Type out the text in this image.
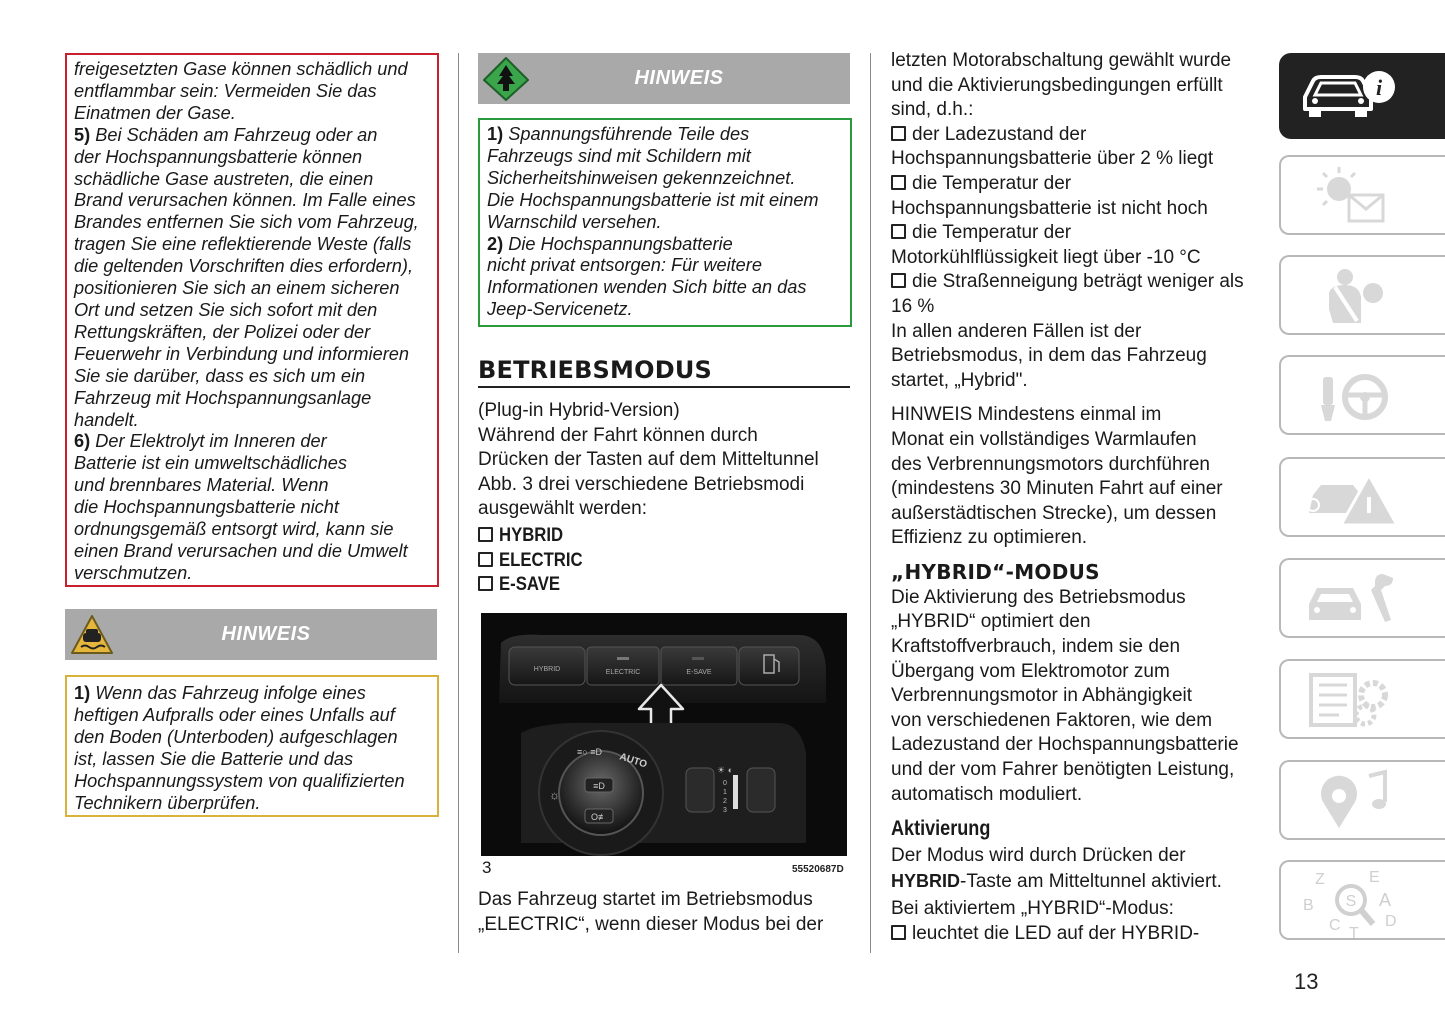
freigesetzten Gase können schädlich und
entflammbar sein: Vermeiden Sie das
Einatmen der Gase.
5) Bei Schäden am Fahrzeug oder an
der Hochspannungsbatterie können
schädliche Gase austreten, die einen
Brand verursachen können. Im Falle eines
Brandes entfernen Sie sich vom Fahrzeug,
tragen Sie eine reflektierende Weste (falls
die geltenden Vorschriften dies erfordern),
positionieren Sie sich an einem sicheren
Ort und setzen Sie sich sofort mit den
Rettungskräften, der Polizei oder der
Feuerwehr in Verbindung und informieren
Sie sie darüber, dass es sich um ein
Fahrzeug mit Hochspannungsanlage
handelt.
6) Der Elektrolyt im Inneren der
Batterie ist ein umweltschädliches
und brennbares Material. Wenn
die Hochspannungsbatterie nicht
ordnungsgemäß entsorgt wird, kann sie
einen Brand verursachen und die Umwelt
verschmutzen.
HINWEIS
1) Wenn das Fahrzeug infolge eines
heftigen Aufpralls oder eines Unfalls auf
den Boden (Unterboden) aufgeschlagen
ist, lassen Sie die Batterie und das
Hochspannungssystem von qualifizierten
Technikern überprüfen.
HINWEIS
1) Spannungsführende Teile des
Fahrzeugs sind mit Schildern mit
Sicherheitshinweisen gekennzeichnet.
Die Hochspannungsbatterie ist mit einem
Warnschild versehen.
2) Die Hochspannungsbatterie
nicht privat entsorgen: Für weitere
Informationen wenden Sich bitte an das
Jeep-Servicenetz.
BETRIEBSMODUS
(Plug-in Hybrid-Version)
Während der Fahrt können durch
Drücken der Tasten auf dem Mitteltunnel
Abb. 3 drei verschiedene Betriebsmodi
ausgewählt werden:
HYBRID
ELECTRIC
E-SAVE
HYBRID	ELECTRIC	E-SAVE
≡D
O≢
☼
AUTO
≡○ ≡D
0
1
2
3
☀ ◐
3	55520687D
Das Fahrzeug startet im Betriebsmodus
„ELECTRIC“, wenn dieser Modus bei der
letzten Motorabschaltung gewählt wurde
und die Aktivierungsbedingungen erfüllt
sind, d.h.:
der Ladezustand der
Hochspannungsbatterie über 2 % liegt
die Temperatur der
Hochspannungsbatterie ist nicht hoch
die Temperatur der
Motorkühlflüssigkeit liegt über -10 °C
die Straßenneigung beträgt weniger als
16 %
In allen anderen Fällen ist der
Betriebsmodus, in dem das Fahrzeug
startet, „Hybrid".
HINWEIS Mindestens einmal im
Monat ein vollständiges Warmlaufen
des Verbrennungsmotors durchführen
(mindestens 30 Minuten Fahrt auf einer
außerstädtischen Strecke), um dessen
Effizienz zu optimieren.
„HYBRID“-MODUS
Die Aktivierung des Betriebsmodus
„HYBRID“ optimiert den
Kraftstoffverbrauch, indem sie den
Übergang vom Elektromotor zum
Verbrennungsmotor in Abhängigkeit
von verschiedenen Faktoren, wie dem
Ladezustand der Hochspannungsbatterie
und der vom Fahrer benötigten Leistung,
automatisch moduliert.
Aktivierung
Der Modus wird durch Drücken der
HYBRID-Taste am Mitteltunnel aktiviert.
Bei aktiviertem „HYBRID“-Modus:
leuchtet die LED auf der HYBRID-
i
Z	E
B	A
C	D
T
S
13
